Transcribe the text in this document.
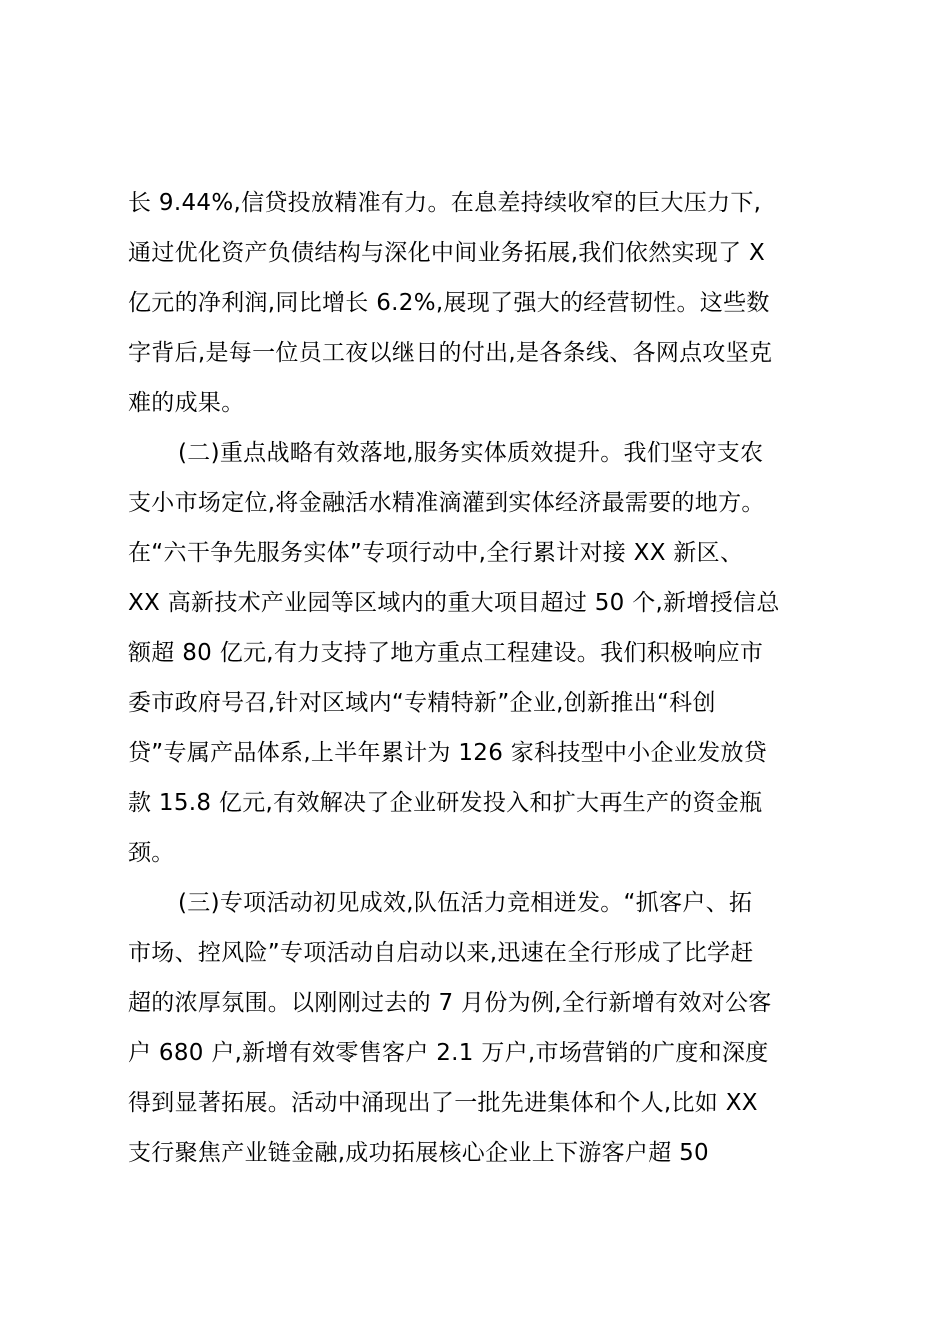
长 9.44%,信贷投放精准有力。在息差持续收窄的巨大压力下,
通过优化资产负债结构与深化中间业务拓展,我们依然实现了 X
亿元的净利润,同比增长 6.2%,展现了强大的经营韧性。这些数
字背后,是每一位员工夜以继日的付出,是各条线、各网点攻坚克
难的成果。
(二)重点战略有效落地,服务实体质效提升。我们坚守支农
支小市场定位,将金融活水精准滴灌到实体经济最需要的地方。
在“六干争先服务实体”专项行动中,全行累计对接 XX 新区、
XX 高新技术产业园等区域内的重大项目超过 50 个,新增授信总
额超 80 亿元,有力支持了地方重点工程建设。我们积极响应市
委市政府号召,针对区域内“专精特新”企业,创新推出“科创
贷”专属产品体系,上半年累计为 126 家科技型中小企业发放贷
款 15.8 亿元,有效解决了企业研发投入和扩大再生产的资金瓶
颈。
(三)专项活动初见成效,队伍活力竞相迸发。“抓客户、拓
市场、控风险”专项活动自启动以来,迅速在全行形成了比学赶
超的浓厚氛围。以刚刚过去的 7 月份为例,全行新增有效对公客
户 680 户,新增有效零售客户 2.1 万户,市场营销的广度和深度
得到显著拓展。活动中涌现出了一批先进集体和个人,比如 XX
支行聚焦产业链金融,成功拓展核心企业上下游客户超 50
